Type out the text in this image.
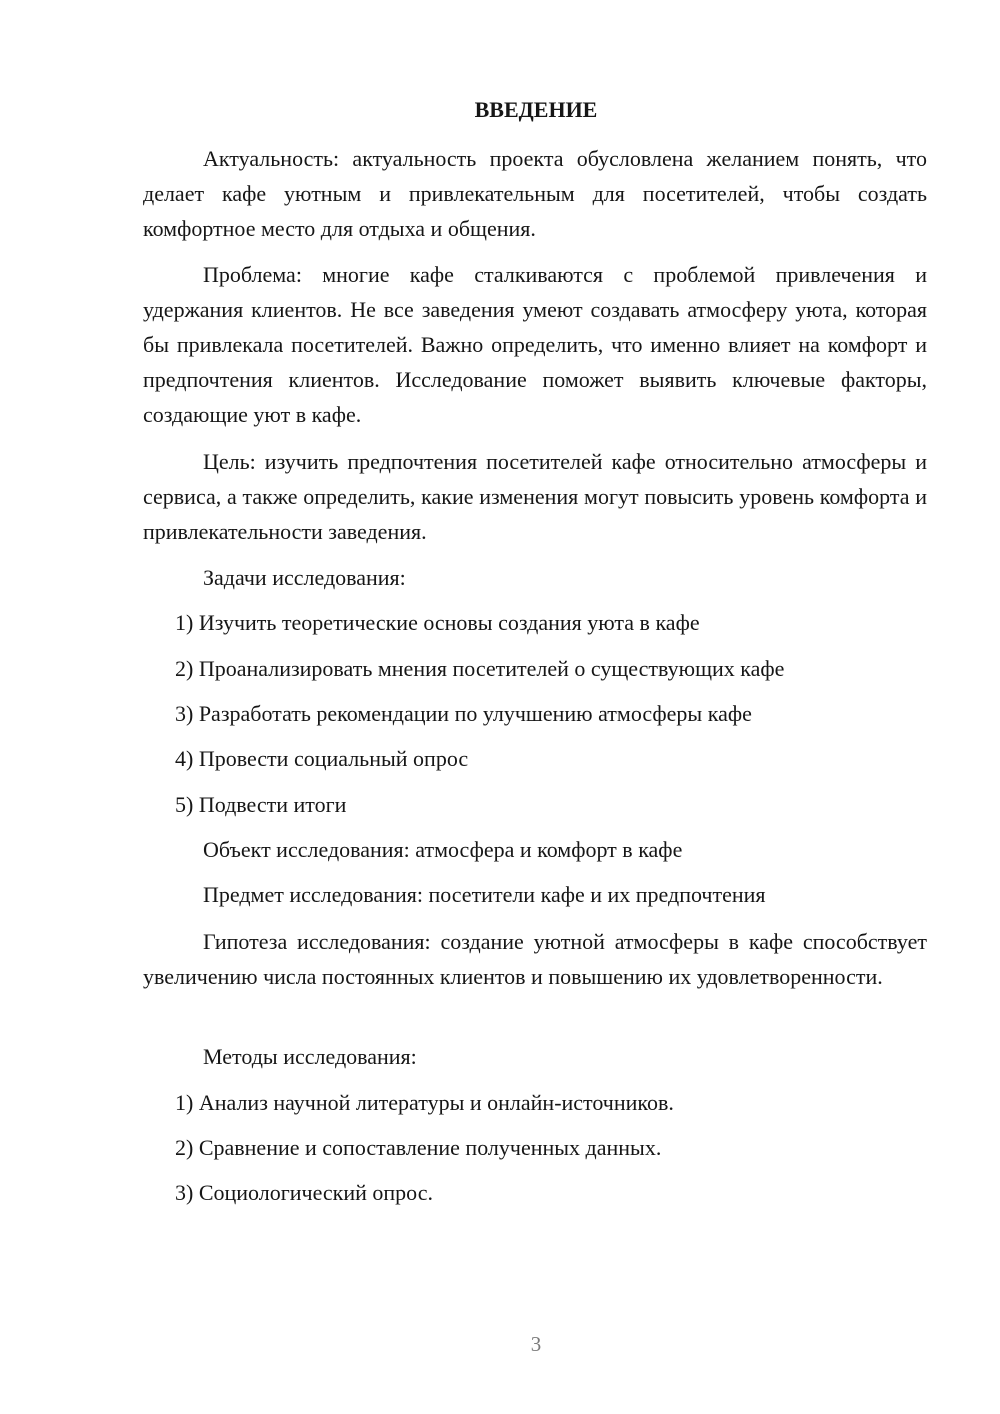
ВВЕДЕНИЕ

Актуальность: актуальность проекта обусловлена желанием понять, что делает кафе уютным и привлекательным для посетителей, чтобы создать комфортное место для отдыха и общения.

Проблема: многие кафе сталкиваются с проблемой привлечения и удержания клиентов. Не все заведения умеют создавать атмосферу уюта, которая бы привлекала посетителей. Важно определить, что именно влияет на комфорт и предпочтения клиентов. Исследование поможет выявить ключевые факторы, создающие уют в кафе.

Цель: изучить предпочтения посетителей кафе относительно атмосферы и сервиса, а также определить, какие изменения могут повысить уровень комфорта и привлекательности заведения.

Задачи исследования:

1) Изучить теоретические основы создания уюта в кафе

2) Проанализировать мнения посетителей о существующих кафе

3) Разработать рекомендации по улучшению атмосферы кафе

4) Провести социальный опрос

5) Подвести итоги

Объект исследования: атмосфера и комфорт в кафе

Предмет исследования: посетители кафе и их предпочтения

Гипотеза исследования: создание уютной атмосферы в кафе способствует увеличению числа постоянных клиентов и повышению их удовлетворенности.

Методы исследования:

1) Анализ научной литературы и онлайн-источников.

2) Сравнение и сопоставление полученных данных.

3) Социологический опрос.

3
